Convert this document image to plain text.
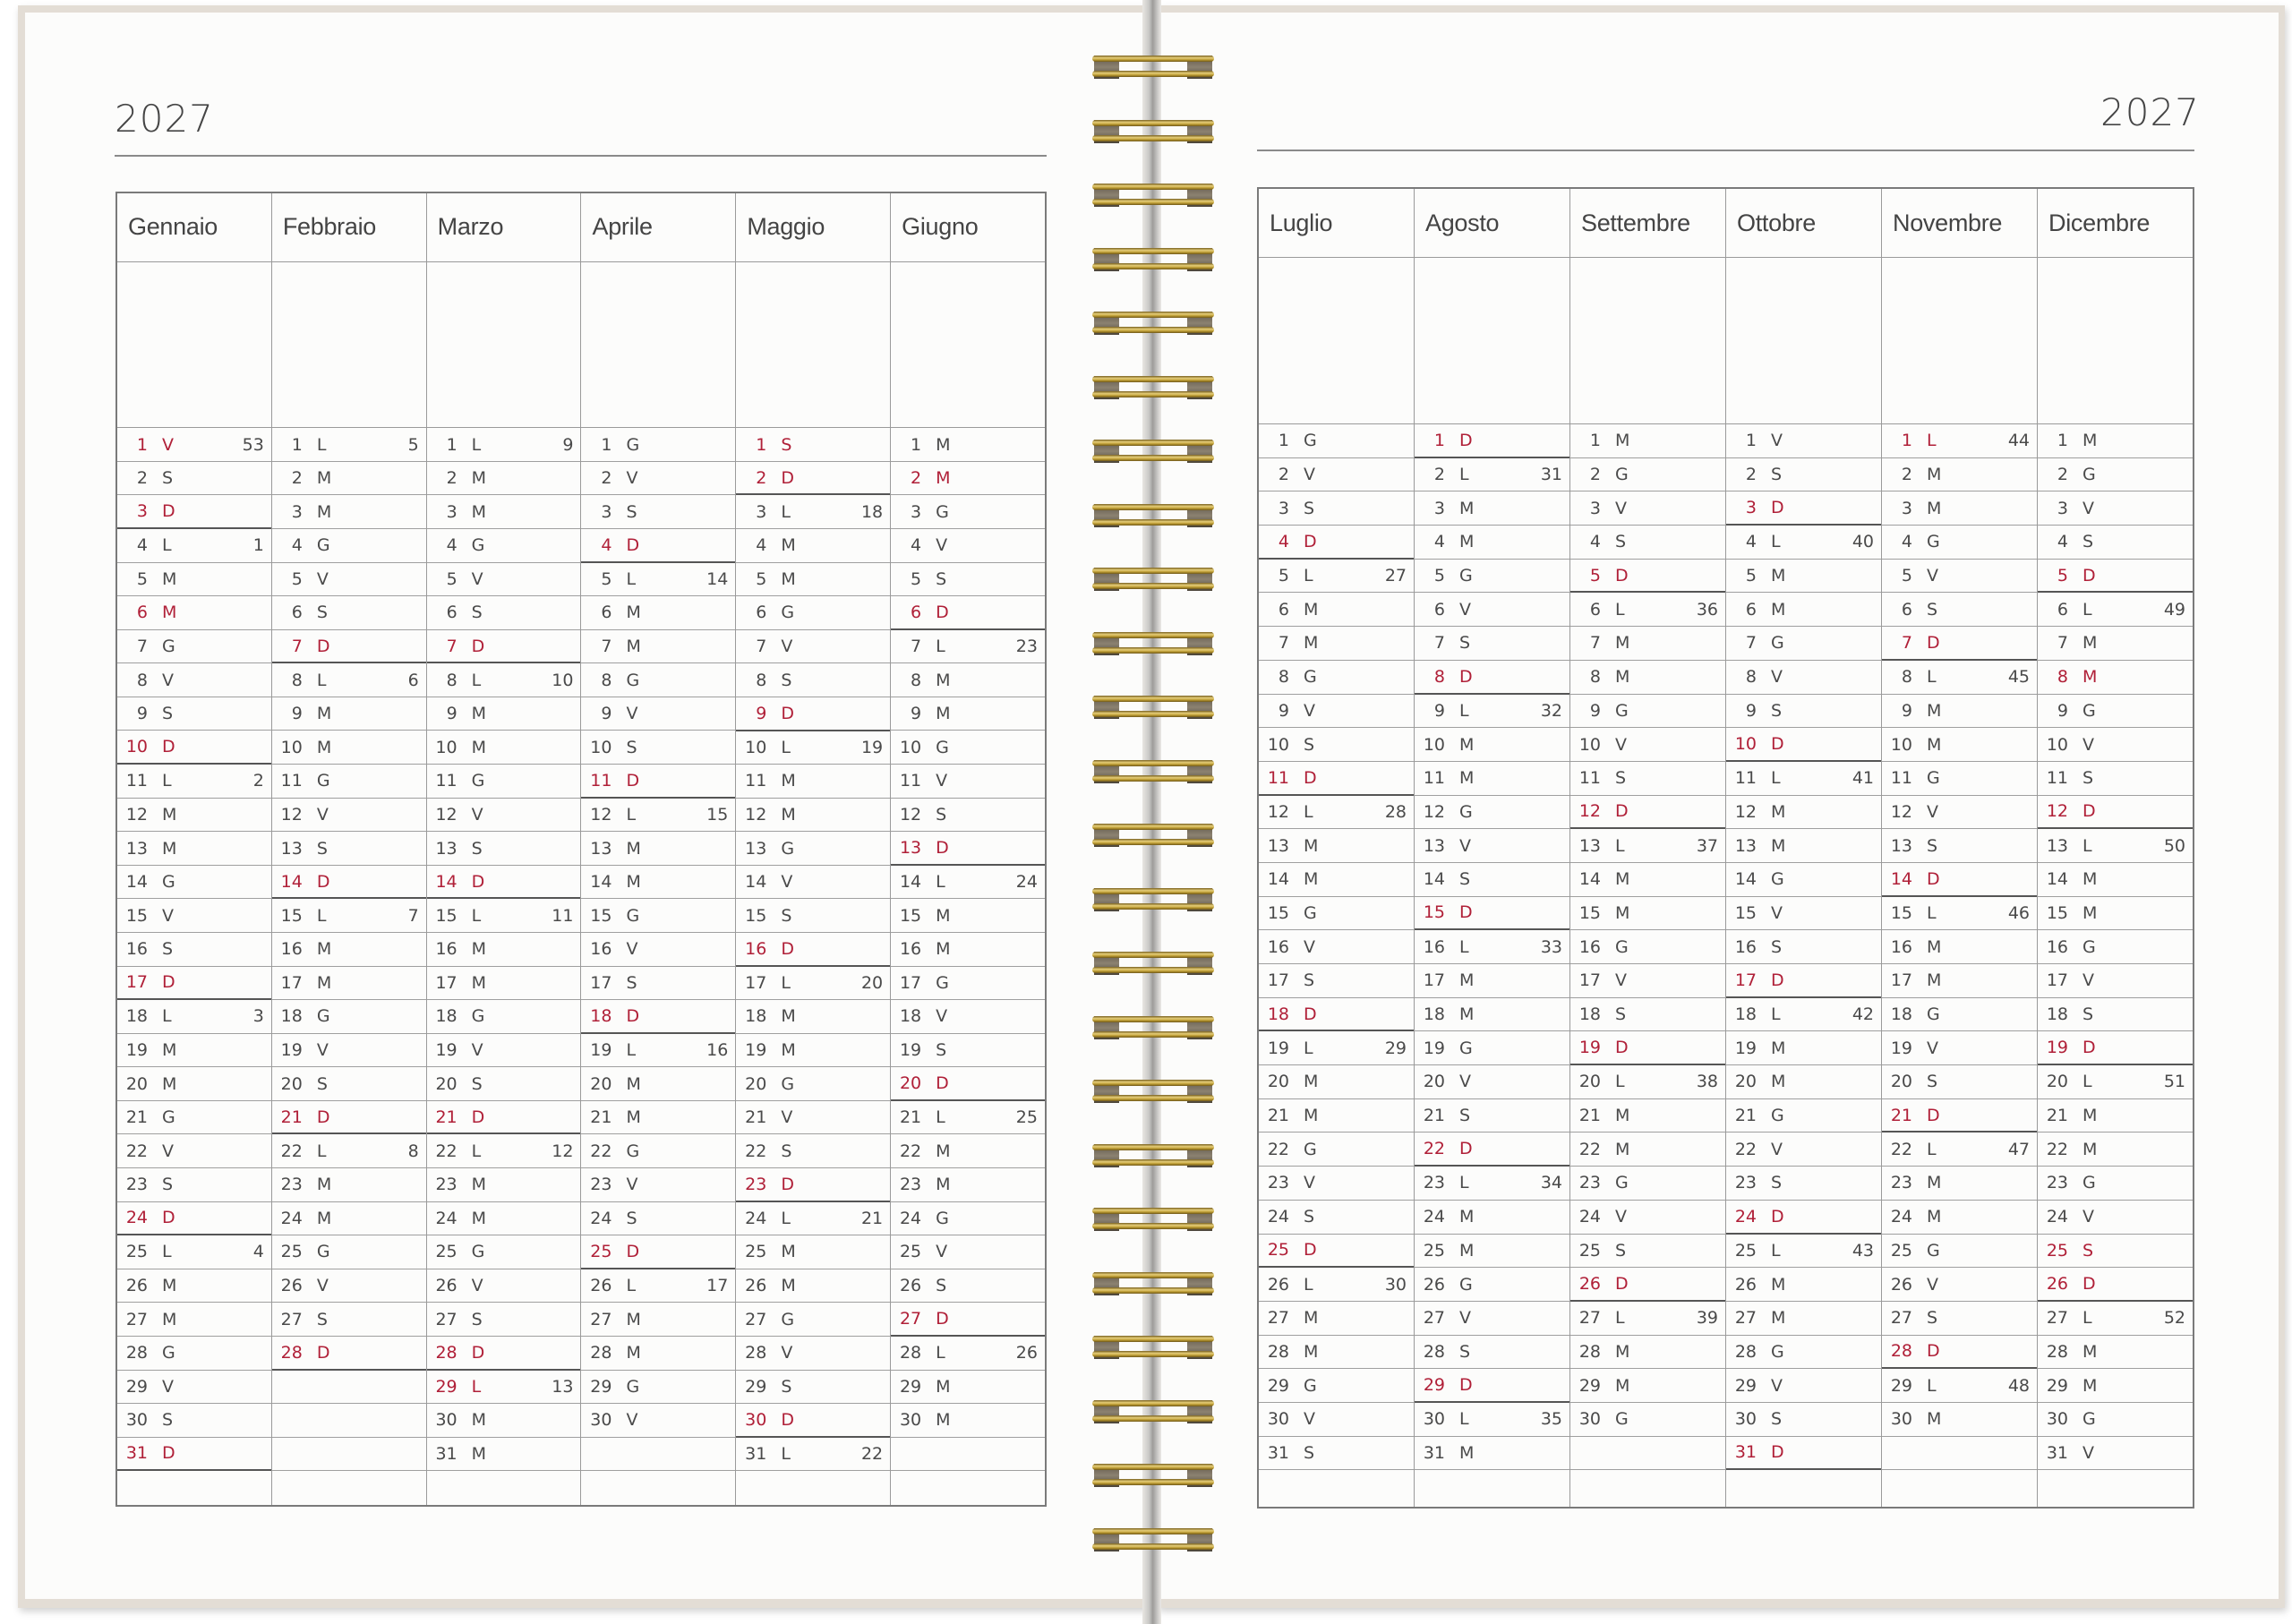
2027
Gennaio
1 V	53
2 S
3 D
4 L	1
5 M
6 M
7 G
8 V
9 S
10 D
11 L	2
12 M
13 M
14 G
15 V
16 S
17 D
18 L	3
19 M
20 M
21 G
22 V
23 S
24 D
25 L	4
26 M
27 M
28 G
29 V
30 S
31 D
Febbraio
1 L	5
2 M
3 M
4 G
5 V
6 S
7 D
8 L	6
9 M
10 M
11 G
12 V
13 S
14 D
15 L	7
16 M
17 M
18 G
19 V
20 S
21 D
22 L	8
23 M
24 M
25 G
26 V
27 S
28 D
Marzo
1 L	9
2 M
3 M
4 G
5 V
6 S
7 D
8 L	10
9 M
10 M
11 G
12 V
13 S
14 D
15 L	11
16 M
17 M
18 G
19 V
20 S
21 D
22 L	12
23 M
24 M
25 G
26 V
27 S
28 D
29 L	13
30 M
31 M
Aprile
1 G
2 V
3 S
4 D
5 L	14
6 M
7 M
8 G
9 V
10 S
11 D
12 L	15
13 M
14 M
15 G
16 V
17 S
18 D
19 L	16
20 M
21 M
22 G
23 V
24 S
25 D
26 L	17
27 M
28 M
29 G
30 V
Maggio
1 S
2 D
3 L	18
4 M
5 M
6 G
7 V
8 S
9 D
10 L	19
11 M
12 M
13 G
14 V
15 S
16 D
17 L	20
18 M
19 M
20 G
21 V
22 S
23 D
24 L	21
25 M
26 M
27 G
28 V
29 S
30 D
31 L	22
Giugno
1 M
2 M
3 G
4 V
5 S
6 D
7 L	23
8 M
9 M
10 G
11 V
12 S
13 D
14 L	24
15 M
16 M
17 G
18 V
19 S
20 D
21 L	25
22 M
23 M
24 G
25 V
26 S
27 D
28 L	26
29 M
30 M
2027
Luglio
1 G
2 V
3 S
4 D
5 L	27
6 M
7 M
8 G
9 V
10 S
11 D
12 L	28
13 M
14 M
15 G
16 V
17 S
18 D
19 L	29
20 M
21 M
22 G
23 V
24 S
25 D
26 L	30
27 M
28 M
29 G
30 V
31 S
Agosto
1 D
2 L	31
3 M
4 M
5 G
6 V
7 S
8 D
9 L	32
10 M
11 M
12 G
13 V
14 S
15 D
16 L	33
17 M
18 M
19 G
20 V
21 S
22 D
23 L	34
24 M
25 M
26 G
27 V
28 S
29 D
30 L	35
31 M
Settembre
1 M
2 G
3 V
4 S
5 D
6 L	36
7 M
8 M
9 G
10 V
11 S
12 D
13 L	37
14 M
15 M
16 G
17 V
18 S
19 D
20 L	38
21 M
22 M
23 G
24 V
25 S
26 D
27 L	39
28 M
29 M
30 G
Ottobre
1 V
2 S
3 D
4 L	40
5 M
6 M
7 G
8 V
9 S
10 D
11 L	41
12 M
13 M
14 G
15 V
16 S
17 D
18 L	42
19 M
20 M
21 G
22 V
23 S
24 D
25 L	43
26 M
27 M
28 G
29 V
30 S
31 D
Novembre
1 L	44
2 M
3 M
4 G
5 V
6 S
7 D
8 L	45
9 M
10 M
11 G
12 V
13 S
14 D
15 L	46
16 M
17 M
18 G
19 V
20 S
21 D
22 L	47
23 M
24 M
25 G
26 V
27 S
28 D
29 L	48
30 M
Dicembre
1 M
2 G
3 V
4 S
5 D
6 L	49
7 M
8 M
9 G
10 V
11 S
12 D
13 L	50
14 M
15 M
16 G
17 V
18 S
19 D
20 L	51
21 M
22 M
23 G
24 V
25 S
26 D
27 L	52
28 M
29 M
30 G
31 V
